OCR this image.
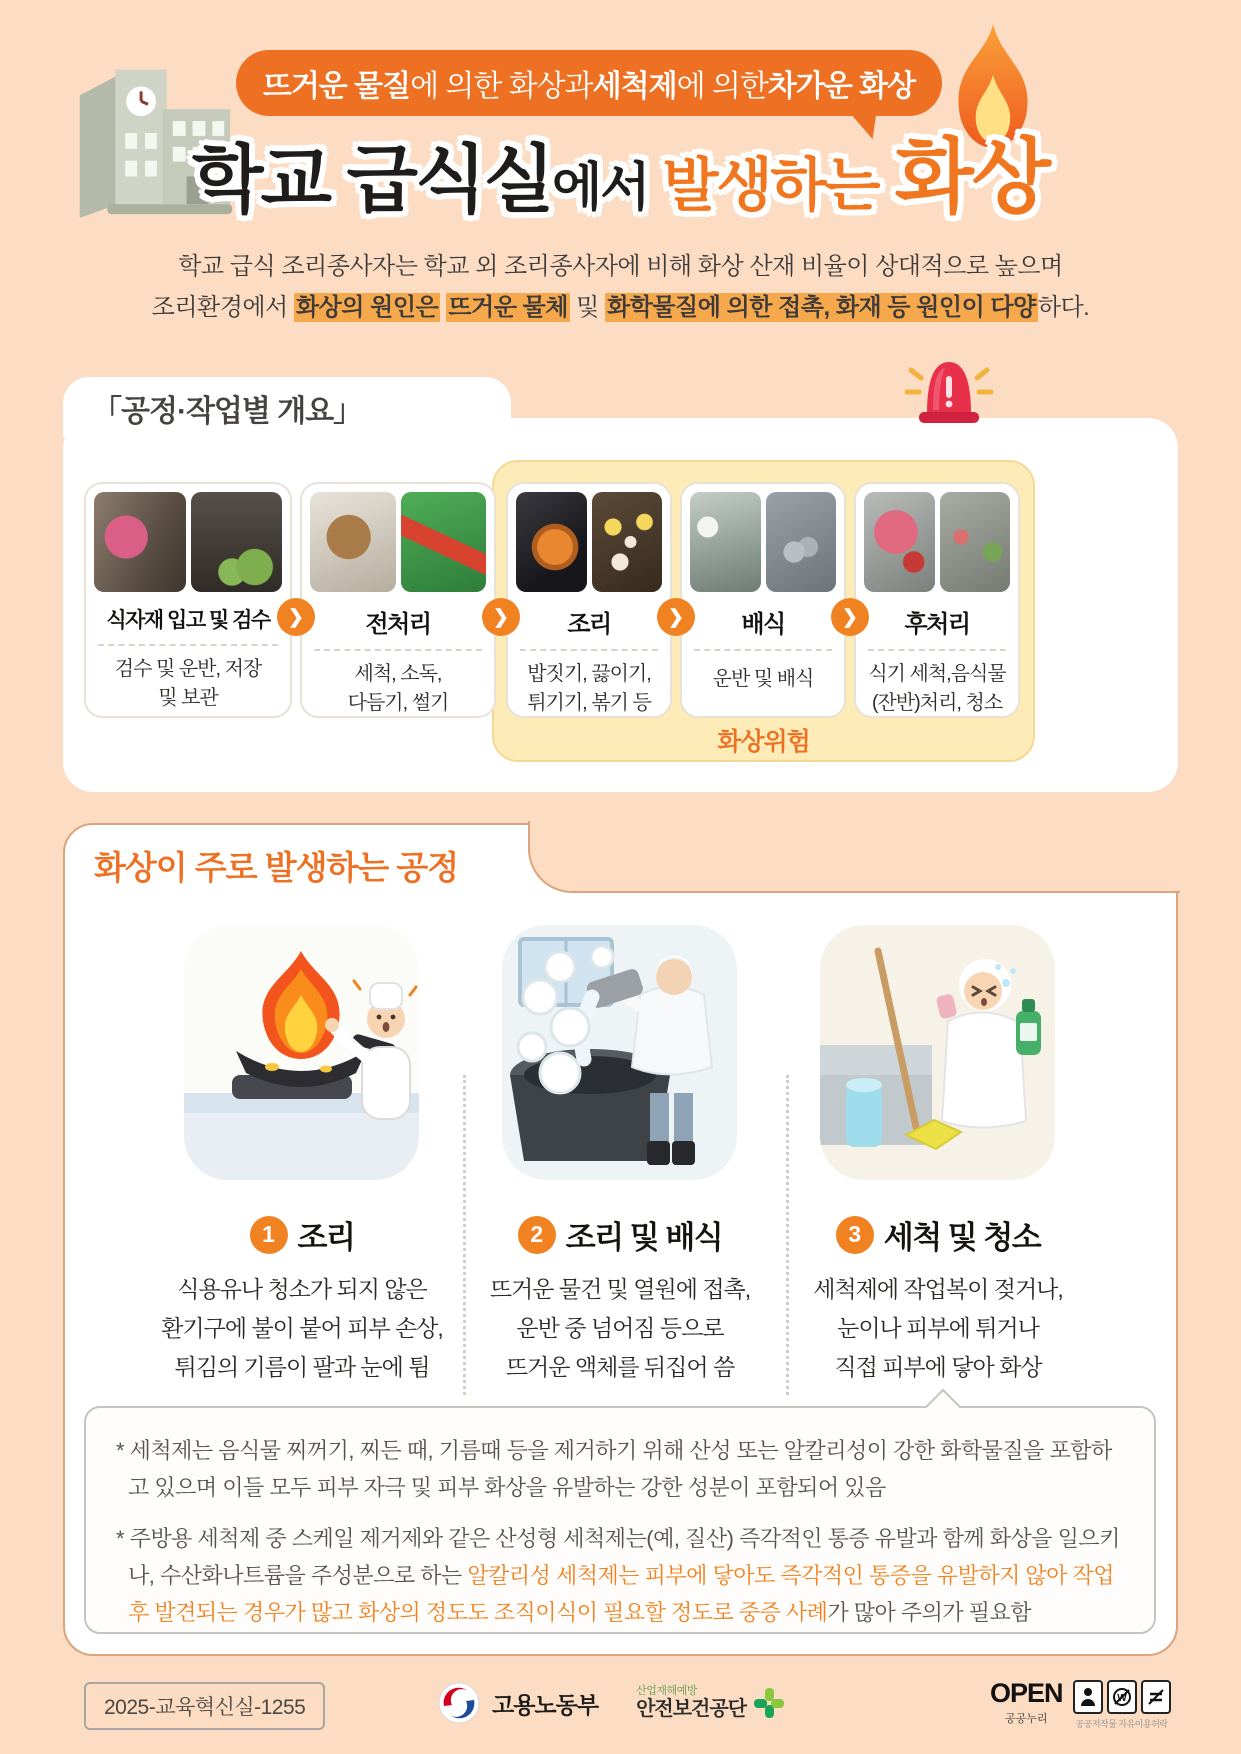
뜨거운 물질 에 의한 화상과 세척제 에 의한 차가운 화상
학교 급식실에서 발생하는 화상
학교 급식 조리종사자는 학교 외 조리종사자에 비해 화상 산재 비율이 상대적으로 높으며
조리환경에서 화상의 원인은 뜨거운 물체 및 화학물질에 의한 접촉, 화재 등 원인이 다양하다.
「공정·작업별 개요」
화상위험
식자재 입고 및 검수
검수 및 운반, 저장
및 보관
전처리
세척, 소독,
다듬기, 썰기
조리
밥짓기, 끓이기,
튀기기, 볶기 등
배식
운반 및 배식
후처리
식기 세척,음식물
(잔반)처리, 청소
❯	❯	❯	❯
화상이 주로 발생하는 공정
1 조리	2 조리 및 배식	3 세척 및 청소
식용유나 청소가 되지 않은
환기구에 불이 붙어 피부 손상,
튀김의 기름이 팔과 눈에 튐
뜨거운 물건 및 열원에 접촉,
운반 중 넘어짐 등으로
뜨거운 액체를 뒤집어 씀
세척제에 작업복이 젖거나,
눈이나 피부에 튀거나
직접 피부에 닿아 화상
* 세척제는 음식물 찌꺼기, 찌든 때, 기름때 등을 제거하기 위해 산성 또는 알칼리성이 강한 화학물질을 포함하고 있으며 이들 모두 피부 자극 및 피부 화상을 유발하는 강한 성분이 포함되어 있음
* 주방용 세척제 중 스케일 제거제와 같은 산성형 세척제는(예, 질산) 즉각적인 통증 유발과 함께 화상을 일으키나, 수산화나트륨을 주성분으로 하는 알칼리성 세척제는 피부에 닿아도 즉각적인 통증을 유발하지 않아 작업 후 발견되는 경우가 많고 화상의 정도도 조직이식이 필요할 정도로 중증 사례가 많아 주의가 필요함
2025-교육혁신실-1255	고용노동부
산업재해예방
안전보건공단
OPEN
공공누리
W
공공저작물 자유이용허락
